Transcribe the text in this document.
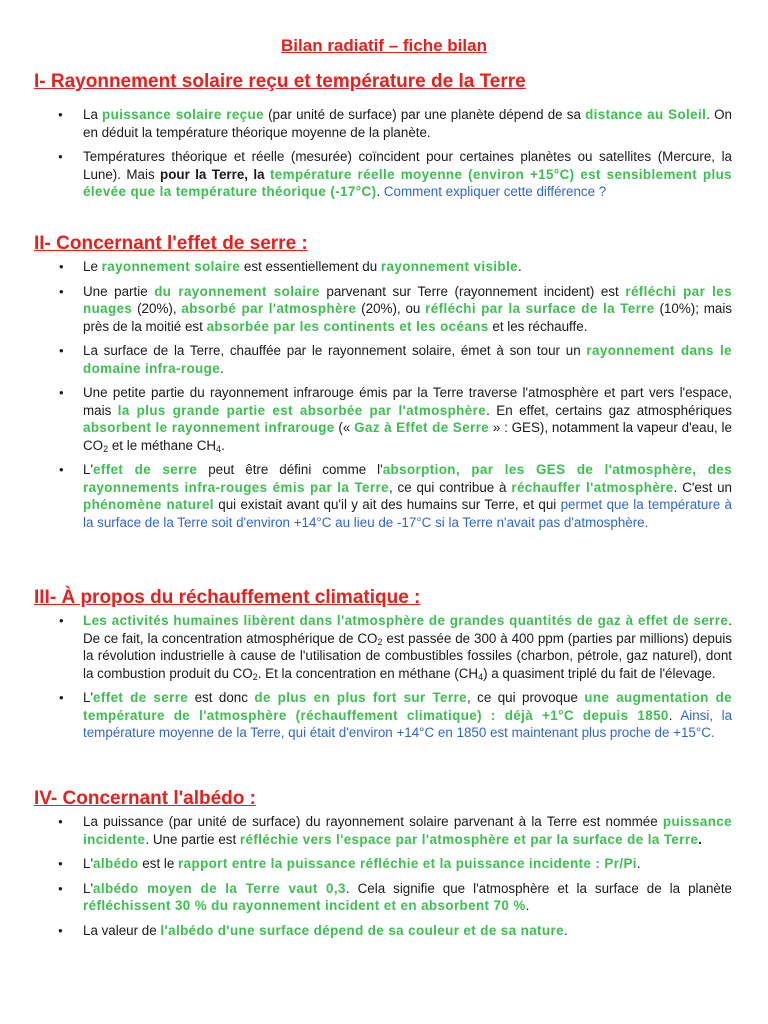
Bilan radiatif – fiche bilan
I- Rayonnement solaire reçu et température de la Terre
● La puissance solaire reçue (par unité de surface) par une planète dépend de sa distance au Soleil. On en déduit la température théorique moyenne de la planète.
● Températures théorique et réelle (mesurée) coïncident pour certaines planètes ou satellites (Mercure, la Lune). Mais pour la Terre, la température réelle moyenne (environ +15°C) est sensiblement plus élevée que la température théorique (-17°C). Comment expliquer cette différence ?
II- Concernant l'effet de serre :
• Le rayonnement solaire est essentiellement du rayonnement visible.
• Une partie du rayonnement solaire parvenant sur Terre (rayonnement incident) est réfléchi par les nuages (20%), absorbé par l'atmosphère (20%), ou réfléchi par la surface de la Terre (10%); mais près de la moitié est absorbée par les continents et les océans et les réchauffe.
• La surface de la Terre, chauffée par le rayonnement solaire, émet à son tour un rayonnement dans le domaine infra-rouge.
• Une petite partie du rayonnement infrarouge émis par la Terre traverse l'atmosphère et part vers l'espace, mais la plus grande partie est absorbée par l'atmosphère. En effet, certains gaz atmosphériques absorbent le rayonnement infrarouge (« Gaz à Effet de Serre » : GES), notamment la vapeur d'eau, le $CO_2$ et le méthane $CH_4$.
• L'effet de serre peut être défini comme l'absorption, par les GES de l'atmosphère, des rayonnements infra-rouges émis par la Terre, ce qui contribue à réchauffer l'atmosphère. C'est un phénomène naturel qui existait avant qu'il y ait des humains sur Terre, et qui permet que la température à la surface de la Terre soit d'environ +14°C au lieu de -17°C si la Terre n'avait pas d'atmosphère.
III- À propos du réchauffement climatique :
• Les activités humaines libèrent dans l'atmosphère de grandes quantités de gaz à effet de serre. De ce fait, la concentration atmosphérique de $CO_2$ est passée de 300 à 400 ppm (parties par millions) depuis la révolution industrielle à cause de l'utilisation de combustibles fossiles (charbon, pétrole, gaz naturel), dont la combustion produit du $CO_2$. Et la concentration en méthane $(CH_4)$ a quasiment triplé du fait de l'élevage.
• L'effet de serre est donc de plus en plus fort sur Terre, ce qui provoque une augmentation de température de l'atmosphère (réchauffement climatique) : déjà +1°C depuis 1850. Ainsi, la température moyenne de la Terre, qui était d'environ +14°C en 1850 est maintenant plus proche de +15°C.
IV- Concernant l'albédo :
● La puissance (par unité de surface) du rayonnement solaire parvenant à la Terre est nommée puissance incidente. Une partie est réfléchie vers l'espace par l'atmosphère et par la surface de la Terre.
● L'albédo est le rapport entre la puissance réfléchie et la puissance incidente : Pr/Pi.
● L'albédo moyen de la Terre vaut 0,3. Cela signifie que l'atmosphère et la surface de la planète réfléchissent 30 % du rayonnement incident et en absorbent 70 %.
● La valeur de l'albédo d'une surface dépend de sa couleur et de sa nature.
